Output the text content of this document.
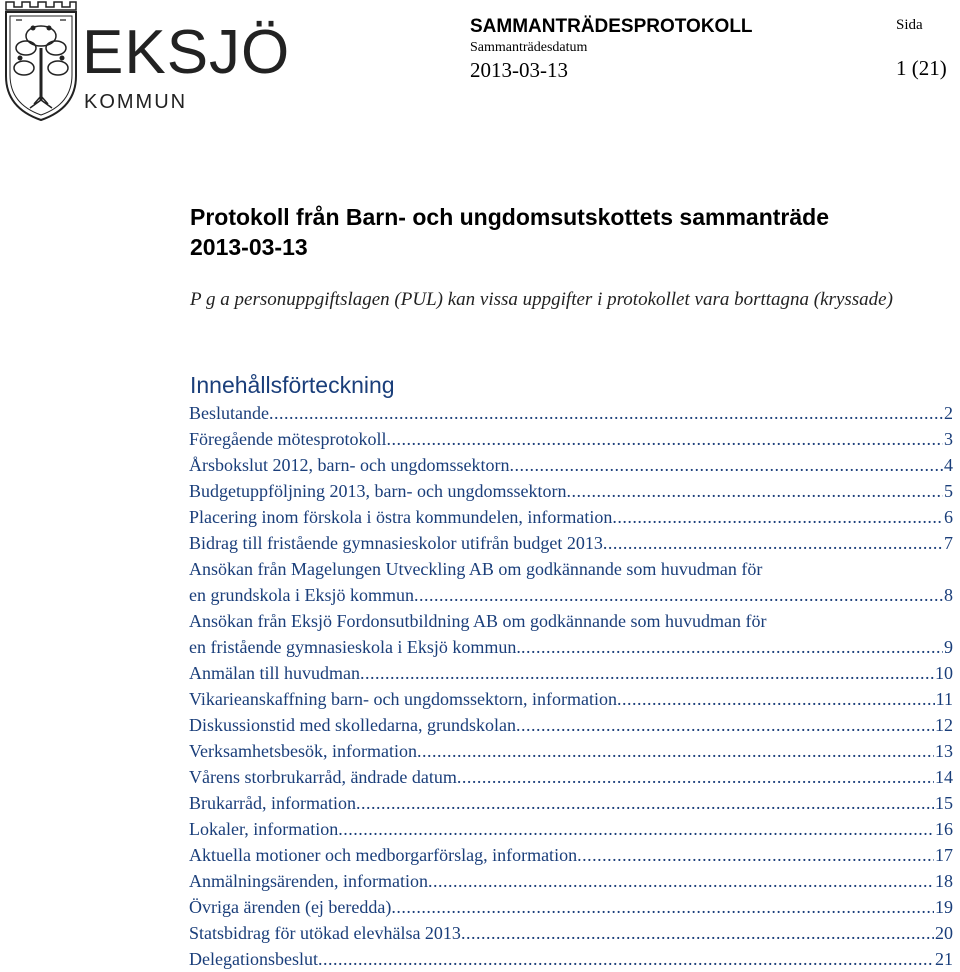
EKSJÖ
KOMMUN
SAMMANTRÄDESPROTOKOLL
Sammanträdesdatum
2013-03-13
Sida
1 (21)
Protokoll från Barn- och ungdomsutskottets sammanträde
2013-03-13
P g a personuppgiftslagen (PUL) kan vissa uppgifter i protokollet vara borttagna (kryssade)
Innehållsförteckning
Beslutande .....	2
Föregående mötesprotokoll .....	3
Årsbokslut 2012, barn- och ungdomssektorn .....	4
Budgetuppföljning 2013, barn- och ungdomssektorn .....	5
Placering inom förskola i östra kommundelen, information .....	6
Bidrag till fristående gymnasieskolor utifrån budget 2013 .....	7
Ansökan från Magelungen Utveckling AB om godkännande som huvudman för
en grundskola i Eksjö kommun .....	8
Ansökan från Eksjö Fordonsutbildning AB om godkännande som huvudman för
en fristående gymnasieskola i Eksjö kommun. .....	9
Anmälan till huvudman .....	10
Vikarieanskaffning barn- och ungdomssektorn, information .....	11
Diskussionstid med skolledarna, grundskolan .....	12
Verksamhetsbesök, information .....	13
Vårens storbrukarråd, ändrade datum .....	14
Brukarråd, information .....	15
Lokaler, information .....	16
Aktuella motioner och medborgarförslag, information .....	17
Anmälningsärenden, information .....	18
Övriga ärenden (ej beredda) .....	19
Statsbidrag för utökad elevhälsa 2013 .....	20
Delegationsbeslut .....	21
